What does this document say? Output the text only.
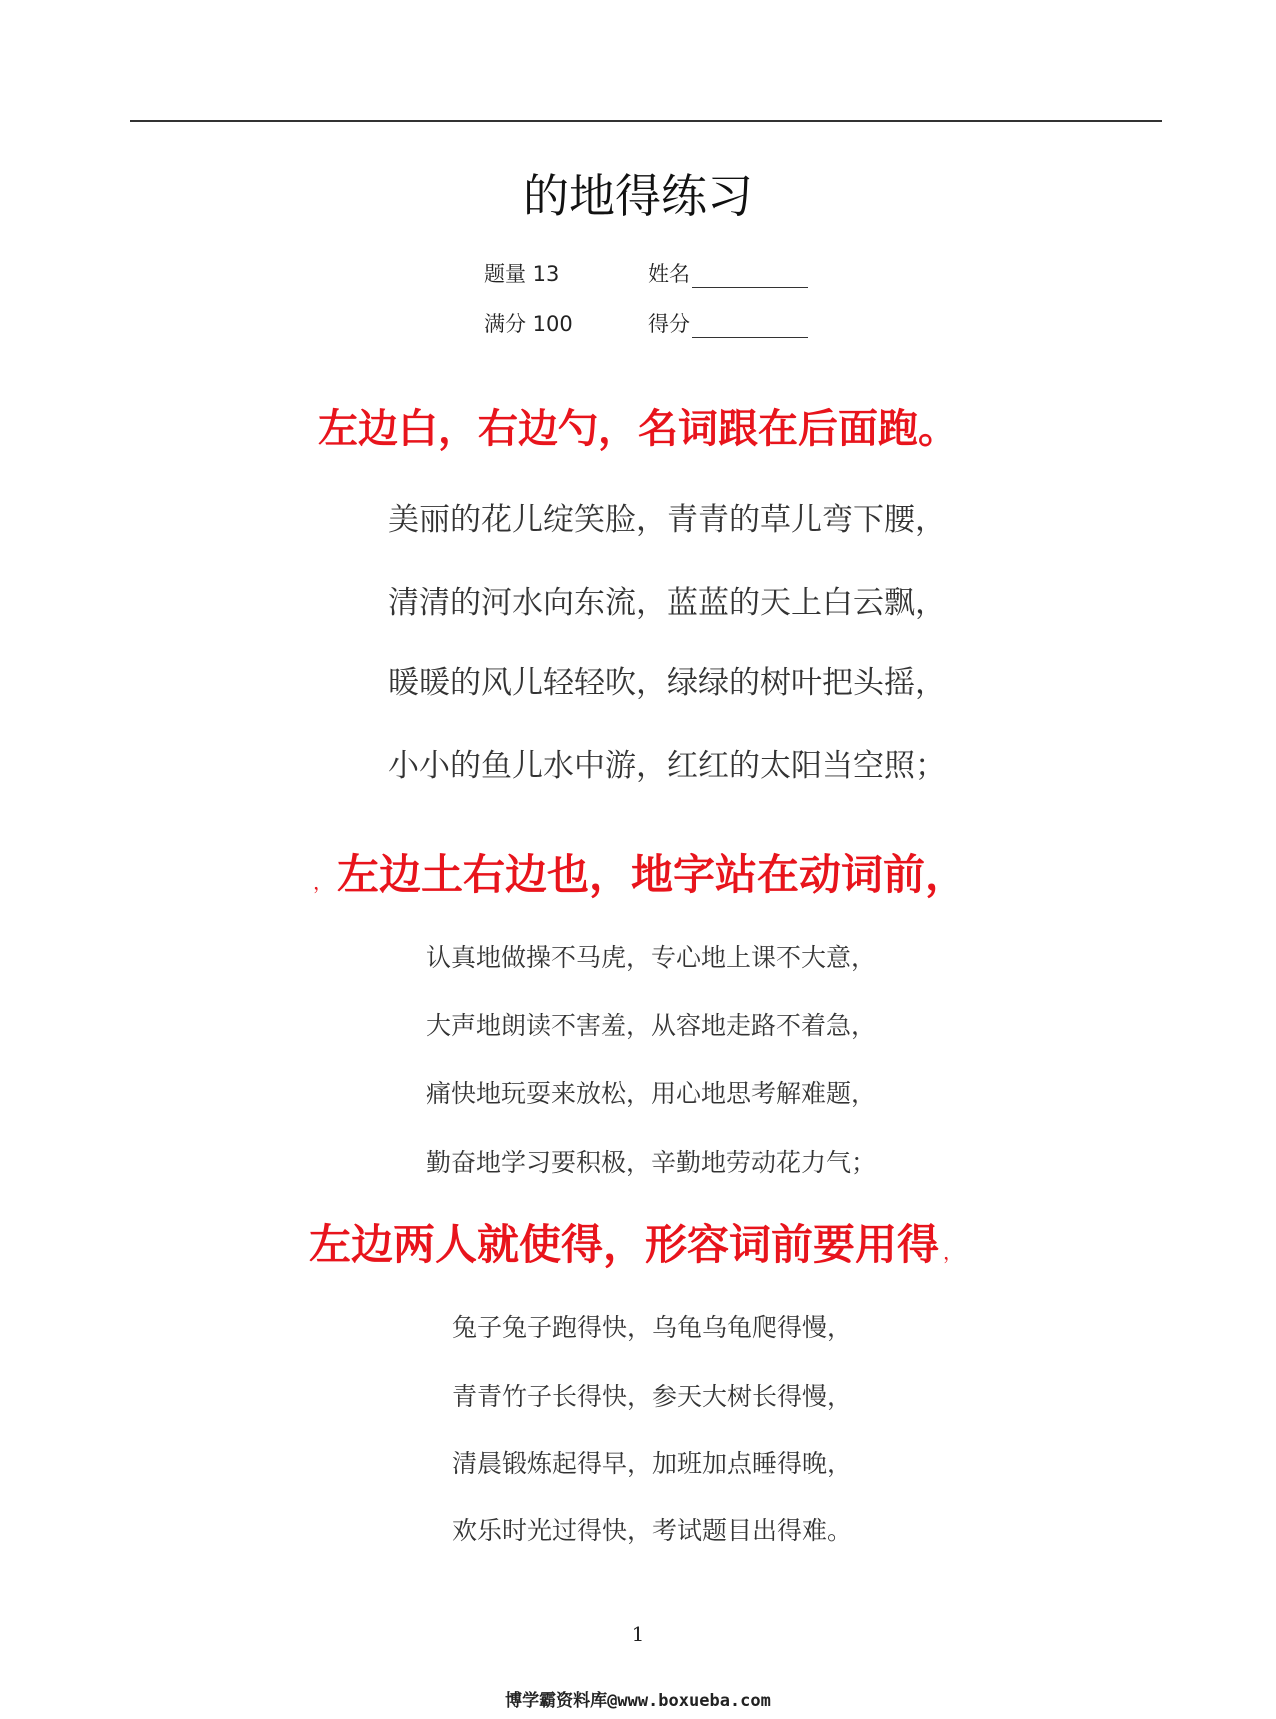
的地得练习
题量 13	姓名
满分 100	得分
左边白，右边勺，名词跟在后面跑。
美丽的花儿绽笑脸，青青的草儿弯下腰，
清清的河水向东流，蓝蓝的天上白云飘，
暖暖的风儿轻轻吹，绿绿的树叶把头摇，
小小的鱼儿水中游，红红的太阳当空照；
，左边土右边也，地字站在动词前，
认真地做操不马虎，专心地上课不大意，
大声地朗读不害羞，从容地走路不着急，
痛快地玩耍来放松，用心地思考解难题，
勤奋地学习要积极，辛勤地劳动花力气；
左边两人就使得，形容词前要用得 ，
兔子兔子跑得快，乌龟乌龟爬得慢，
青青竹子长得快，参天大树长得慢，
清晨锻炼起得早，加班加点睡得晚，
欢乐时光过得快，考试题目出得难。
1
博学霸资料库@www.boxueba.com
